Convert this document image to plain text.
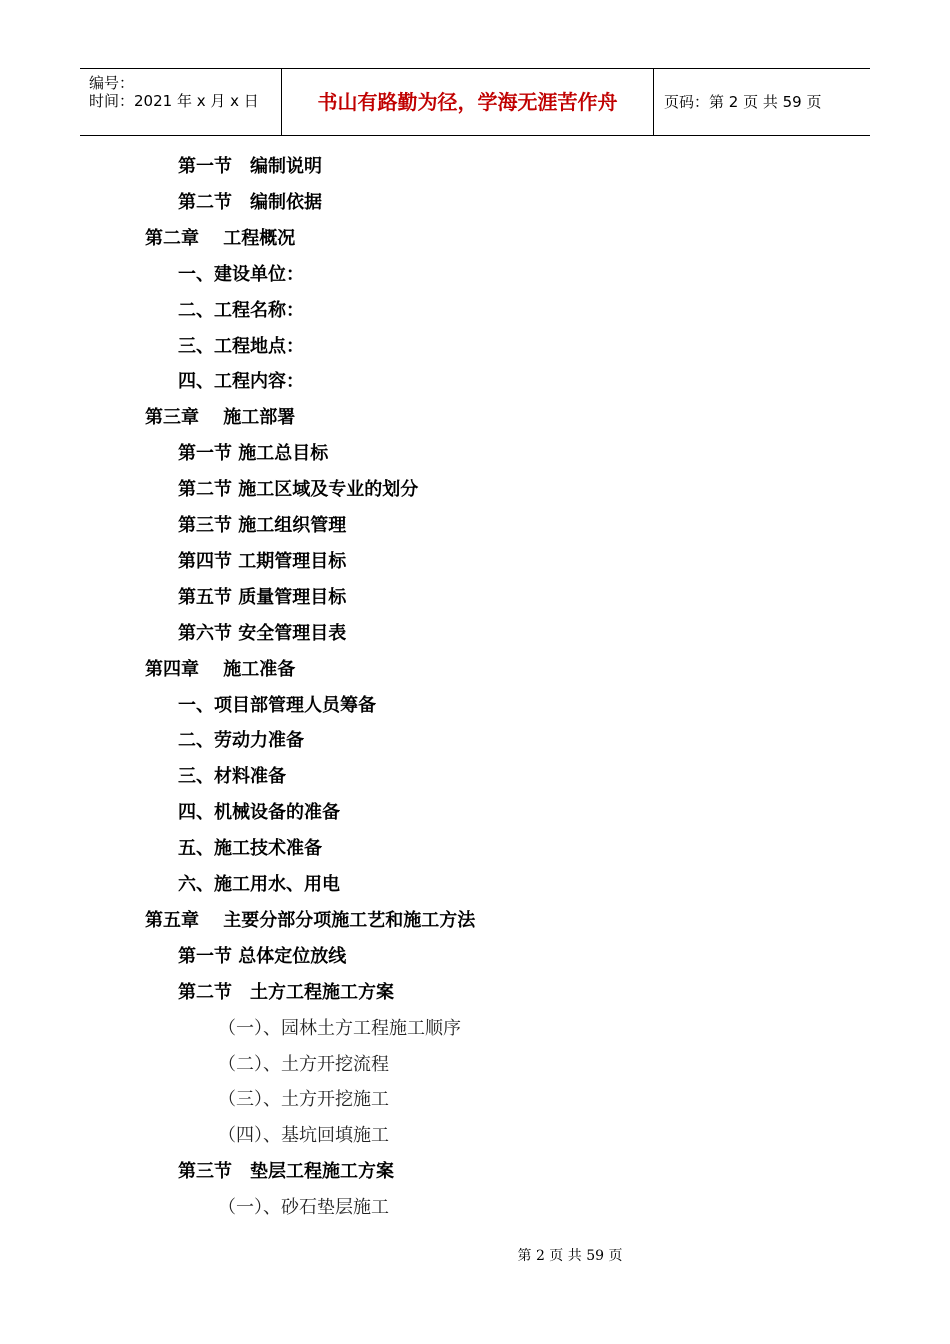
编号：
时间：2021 年 x 月 x 日	书山有路勤为径，学海无涯苦作舟	页码：第 2 页 共 59 页
第一节　编制说明
第二节　编制依据
第二章　 工程概况
一、建设单位：
二、工程名称：
三、工程地点：
四、工程内容：
第三章　 施工部署
第一节 施工总目标
第二节 施工区域及专业的划分
第三节 施工组织管理
第四节 工期管理目标
第五节 质量管理目标
第六节 安全管理目表
第四章　 施工准备
一、项目部管理人员筹备
二、劳动力准备
三、材料准备
四、机械设备的准备
五、施工技术准备
六、施工用水、用电
第五章　 主要分部分项施工艺和施工方法
第一节 总体定位放线
第二节　土方工程施工方案
（一）、园林土方工程施工顺序
（二）、土方开挖流程
（三）、土方开挖施工
（四）、基坑回填施工
第三节　垫层工程施工方案
（一）、砂石垫层施工
第 2 页 共 59 页
